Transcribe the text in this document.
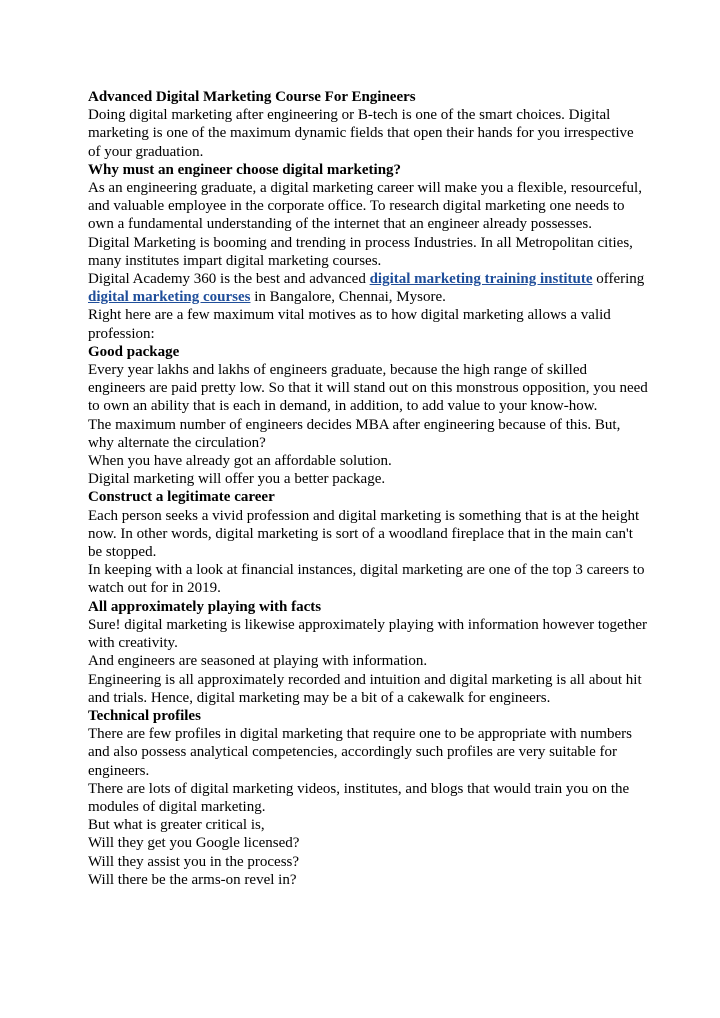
Advanced Digital Marketing Course For Engineers

Doing digital marketing after engineering or B-tech is one of the smart choices. Digital marketing is one of the maximum dynamic fields that open their hands for you irrespective of your graduation.

Why must an engineer choose digital marketing?

As an engineering graduate, a digital marketing career will make you a flexible, resourceful, and valuable employee in the corporate office. To research digital marketing one needs to own a fundamental understanding of the internet that an engineer already possesses.

Digital Marketing is booming and trending in process Industries. In all Metropolitan cities, many institutes impart digital marketing courses.

Digital Academy 360 is the best and advanced digital marketing training institute offering digital marketing courses in Bangalore, Chennai, Mysore.

Right here are a few maximum vital motives as to how digital marketing allows a valid profession:

Good package

Every year lakhs and lakhs of engineers graduate, because the high range of skilled engineers are paid pretty low. So that it will stand out on this monstrous opposition, you need to own an ability that is each in demand, in addition, to add value to your know-how.

The maximum number of engineers decides MBA after engineering because of this. But, why alternate the circulation?

When you have already got an affordable solution.

Digital marketing will offer you a better package.

Construct a legitimate career

Each person seeks a vivid profession and digital marketing is something that is at the height now. In other words, digital marketing is sort of a woodland fireplace that in the main can't be stopped.

In keeping with a look at financial instances, digital marketing are one of the top 3 careers to watch out for in 2019.

All approximately playing with facts

Sure! digital marketing is likewise approximately playing with information however together with creativity.

And engineers are seasoned at playing with information.

Engineering is all approximately recorded and intuition and digital marketing is all about hit and trials. Hence, digital marketing may be a bit of a cakewalk for engineers.

Technical profiles

There are few profiles in digital marketing that require one to be appropriate with numbers and also possess analytical competencies, accordingly such profiles are very suitable for engineers.

There are lots of digital marketing videos, institutes, and blogs that would train you on the modules of digital marketing.

But what is greater critical is,

Will they get you Google licensed?

Will they assist you in the process?

Will there be the arms-on revel in?
